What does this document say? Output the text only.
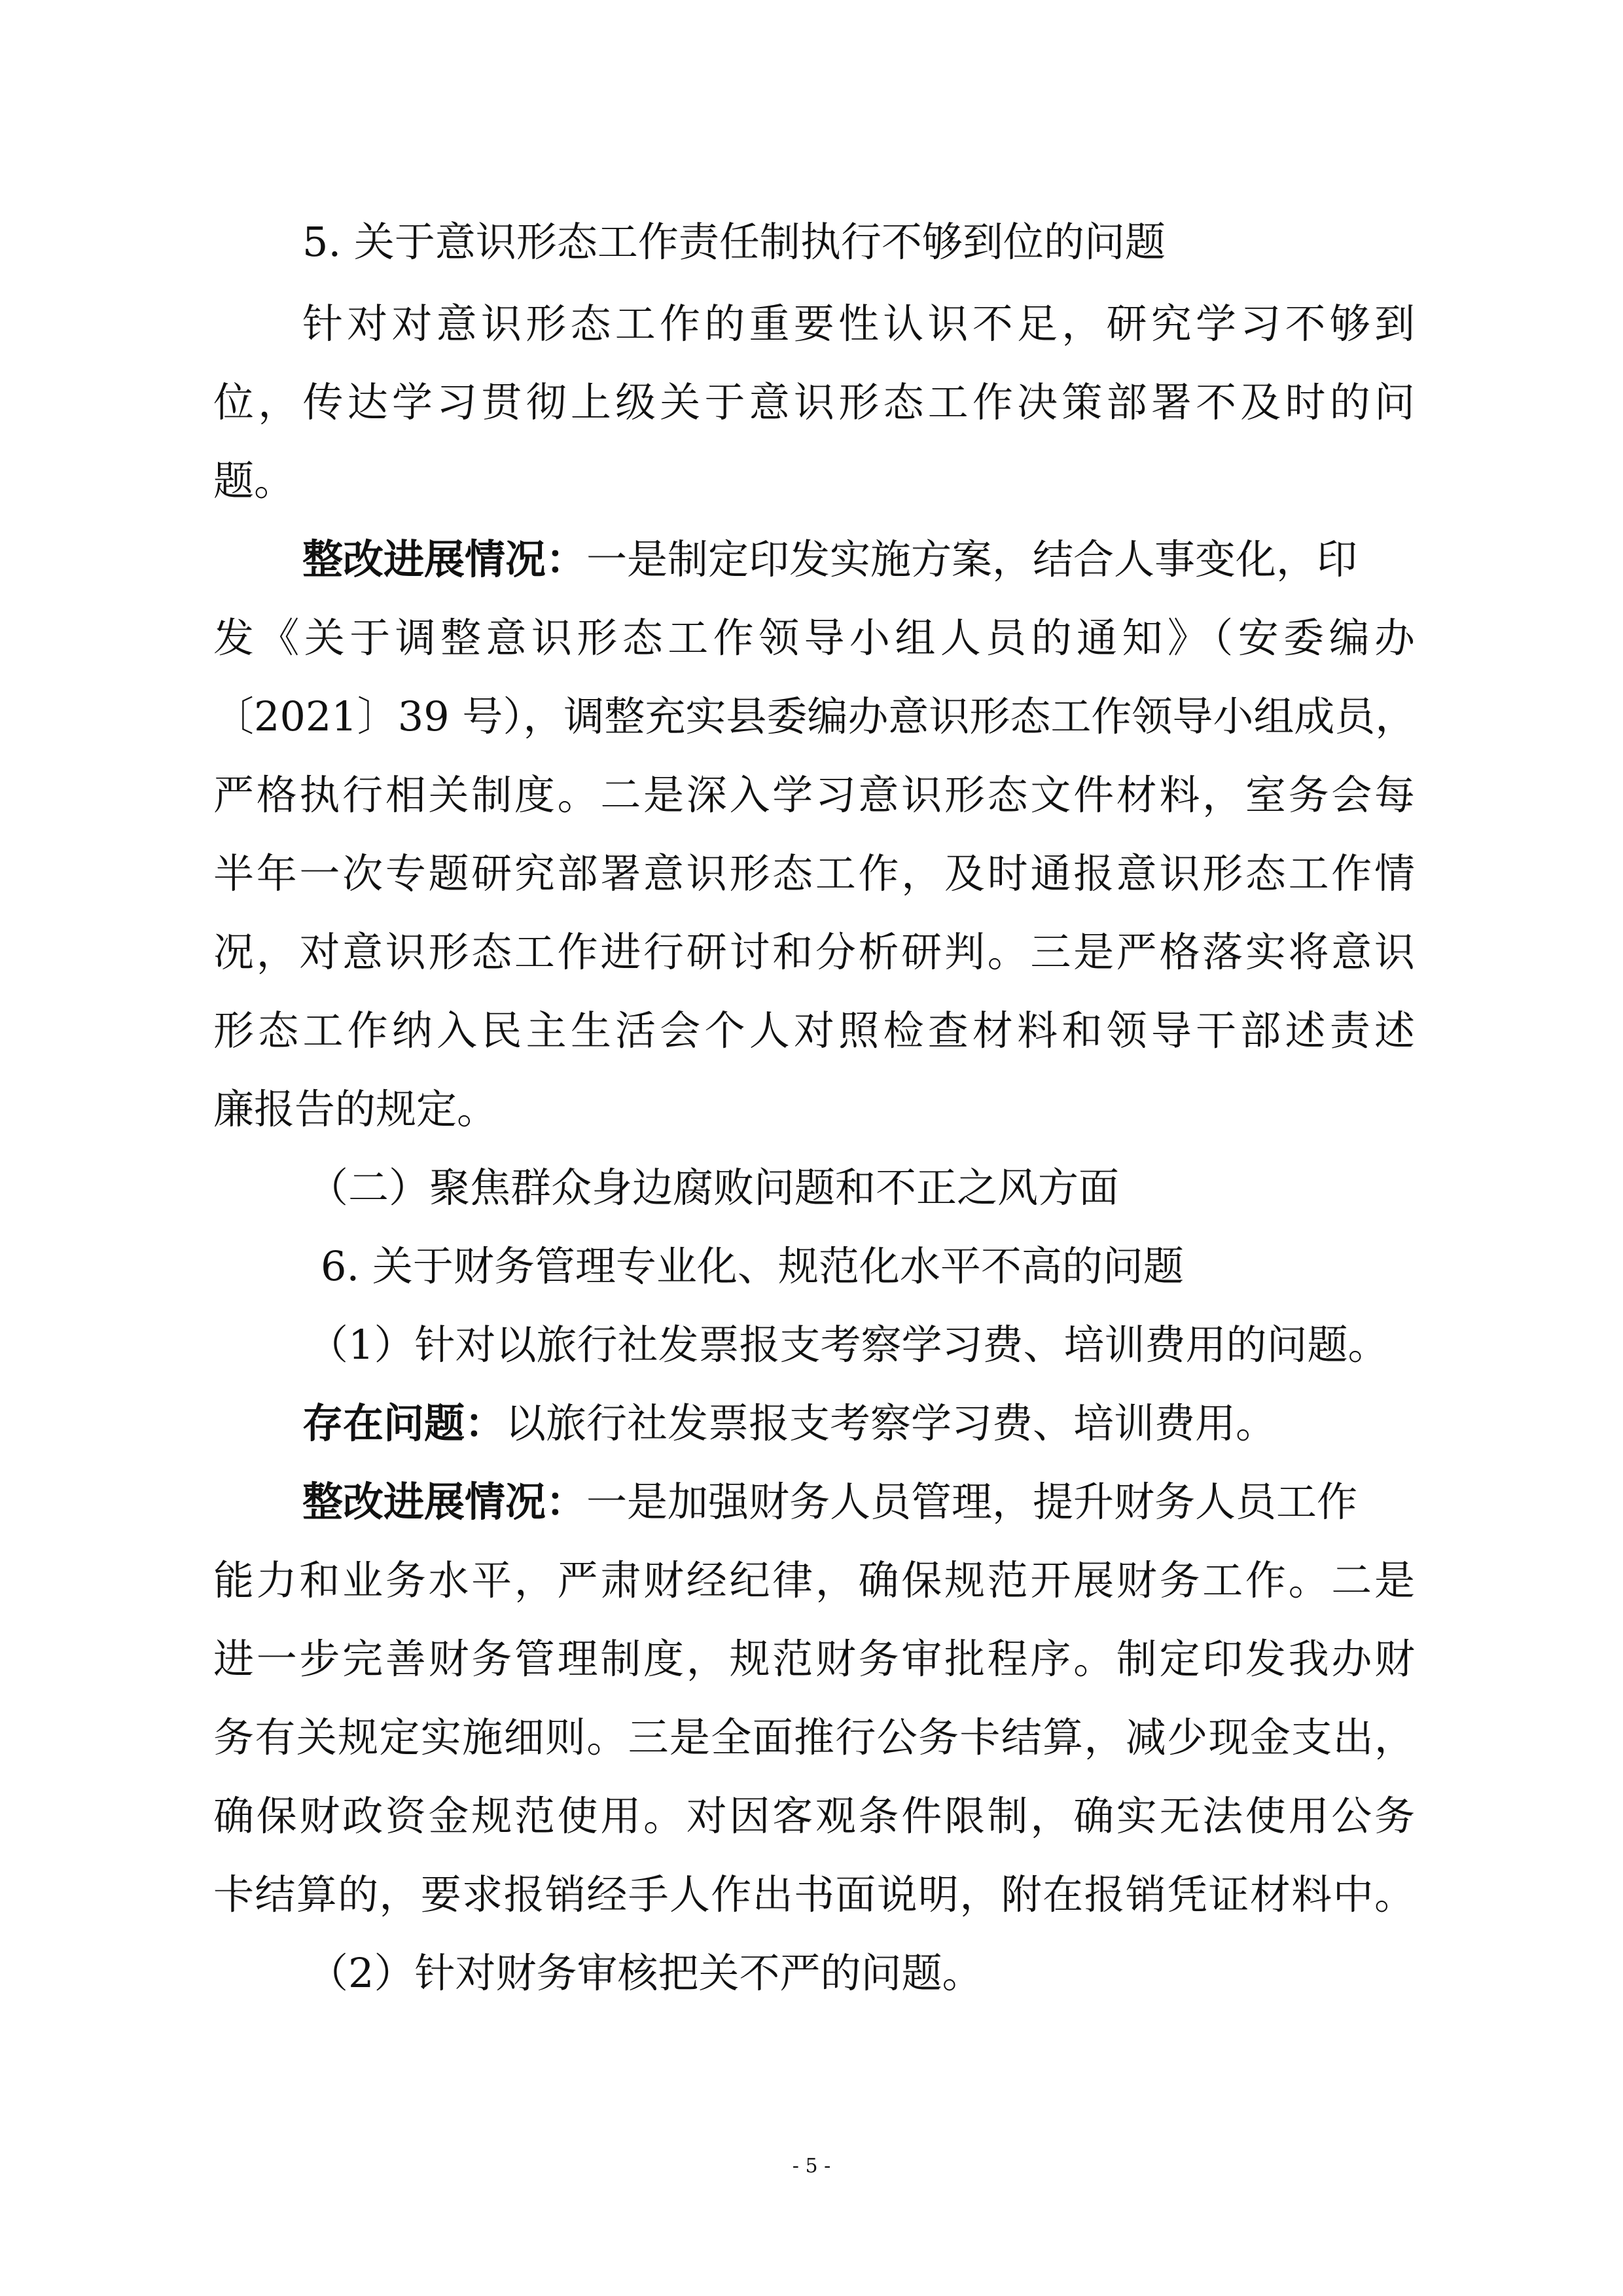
5. 关于意识形态工作责任制执行不够到位的问题
针对对意识形态工作的重要性认识不足，研究学习不够到
位，传达学习贯彻上级关于意识形态工作决策部署不及时的问
题。
整改进展情况：一是制定印发实施方案，结合人事变化，印
发《关于调整意识形态工作领导小组人员的通知》（安委编办
〔2021〕39 号），调整充实县委编办意识形态工作领导小组成员，
严格执行相关制度。二是深入学习意识形态文件材料，室务会每
半年一次专题研究部署意识形态工作，及时通报意识形态工作情
况，对意识形态工作进行研讨和分析研判。三是严格落实将意识
形态工作纳入民主生活会个人对照检查材料和领导干部述责述
廉报告的规定。
（二）聚焦群众身边腐败问题和不正之风方面
6. 关于财务管理专业化、规范化水平不高的问题
（1）针对以旅行社发票报支考察学习费、培训费用的问题。
存在问题：以旅行社发票报支考察学习费、培训费用。
整改进展情况：一是加强财务人员管理，提升财务人员工作
能力和业务水平，严肃财经纪律，确保规范开展财务工作。二是
进一步完善财务管理制度，规范财务审批程序。制定印发我办财
务有关规定实施细则。三是全面推行公务卡结算，减少现金支出，
确保财政资金规范使用。对因客观条件限制，确实无法使用公务
卡结算的，要求报销经手人作出书面说明，附在报销凭证材料中。
（2）针对财务审核把关不严的问题。
- 5 -
